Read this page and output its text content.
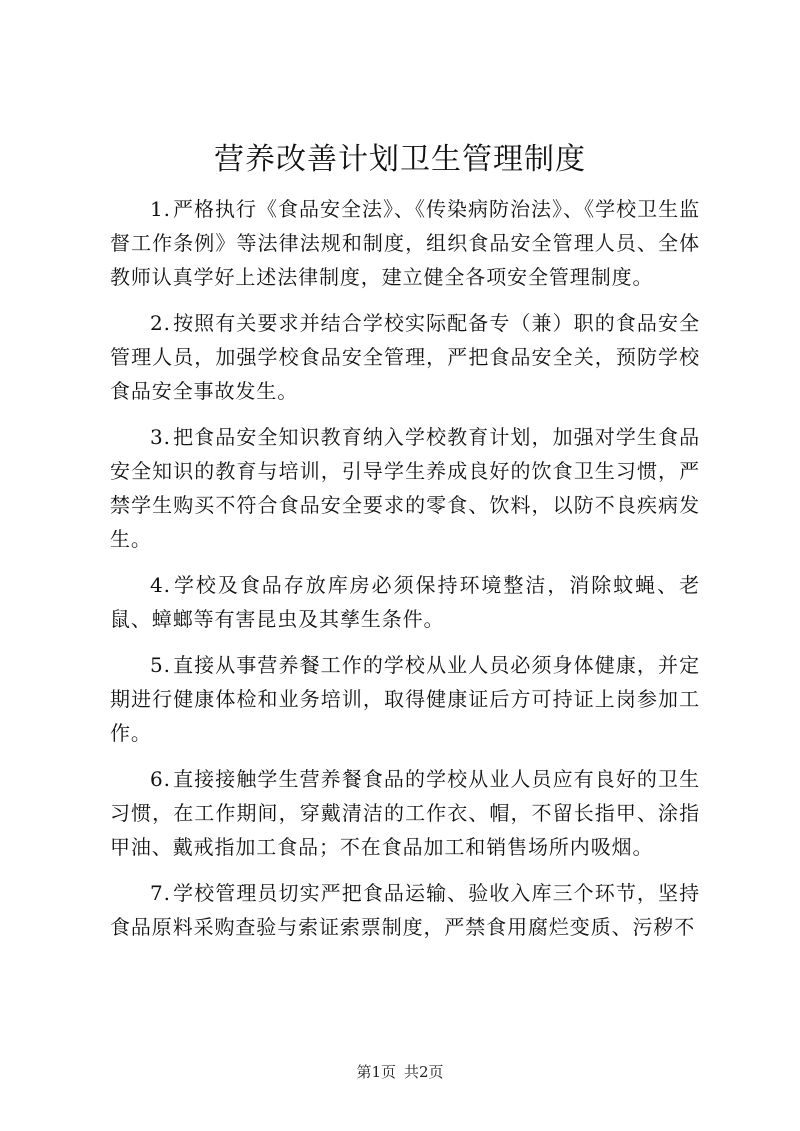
营养改善计划卫生管理制度

1. 严格执行《食品安全法》、《传染病防治法》、《学校卫生监督工作条例》等法律法规和制度，组织食品安全管理人员、全体教师认真学好上述法律制度，建立健全各项安全管理制度。

2. 按照有关要求并结合学校实际配备专（兼）职的食品安全管理人员，加强学校食品安全管理，严把食品安全关，预防学校食品安全事故发生。

3. 把食品安全知识教育纳入学校教育计划，加强对学生食品安全知识的教育与培训，引导学生养成良好的饮食卫生习惯，严禁学生购买不符合食品安全要求的零食、饮料，以防不良疾病发生。

4. 学校及食品存放库房必须保持环境整洁，消除蚊蝇、老鼠、蟑螂等有害昆虫及其孳生条件。

5. 直接从事营养餐工作的学校从业人员必须身体健康，并定期进行健康体检和业务培训，取得健康证后方可持证上岗参加工作。

6. 直接接触学生营养餐食品的学校从业人员应有良好的卫生习惯，在工作期间，穿戴清洁的工作衣、帽，不留长指甲、涂指甲油、戴戒指加工食品；不在食品加工和销售场所内吸烟。

7. 学校管理员切实严把食品运输、验收入库三个环节，坚持食品原料采购查验与索证索票制度，严禁食用腐烂变质、污秽不

第1页 共2页
